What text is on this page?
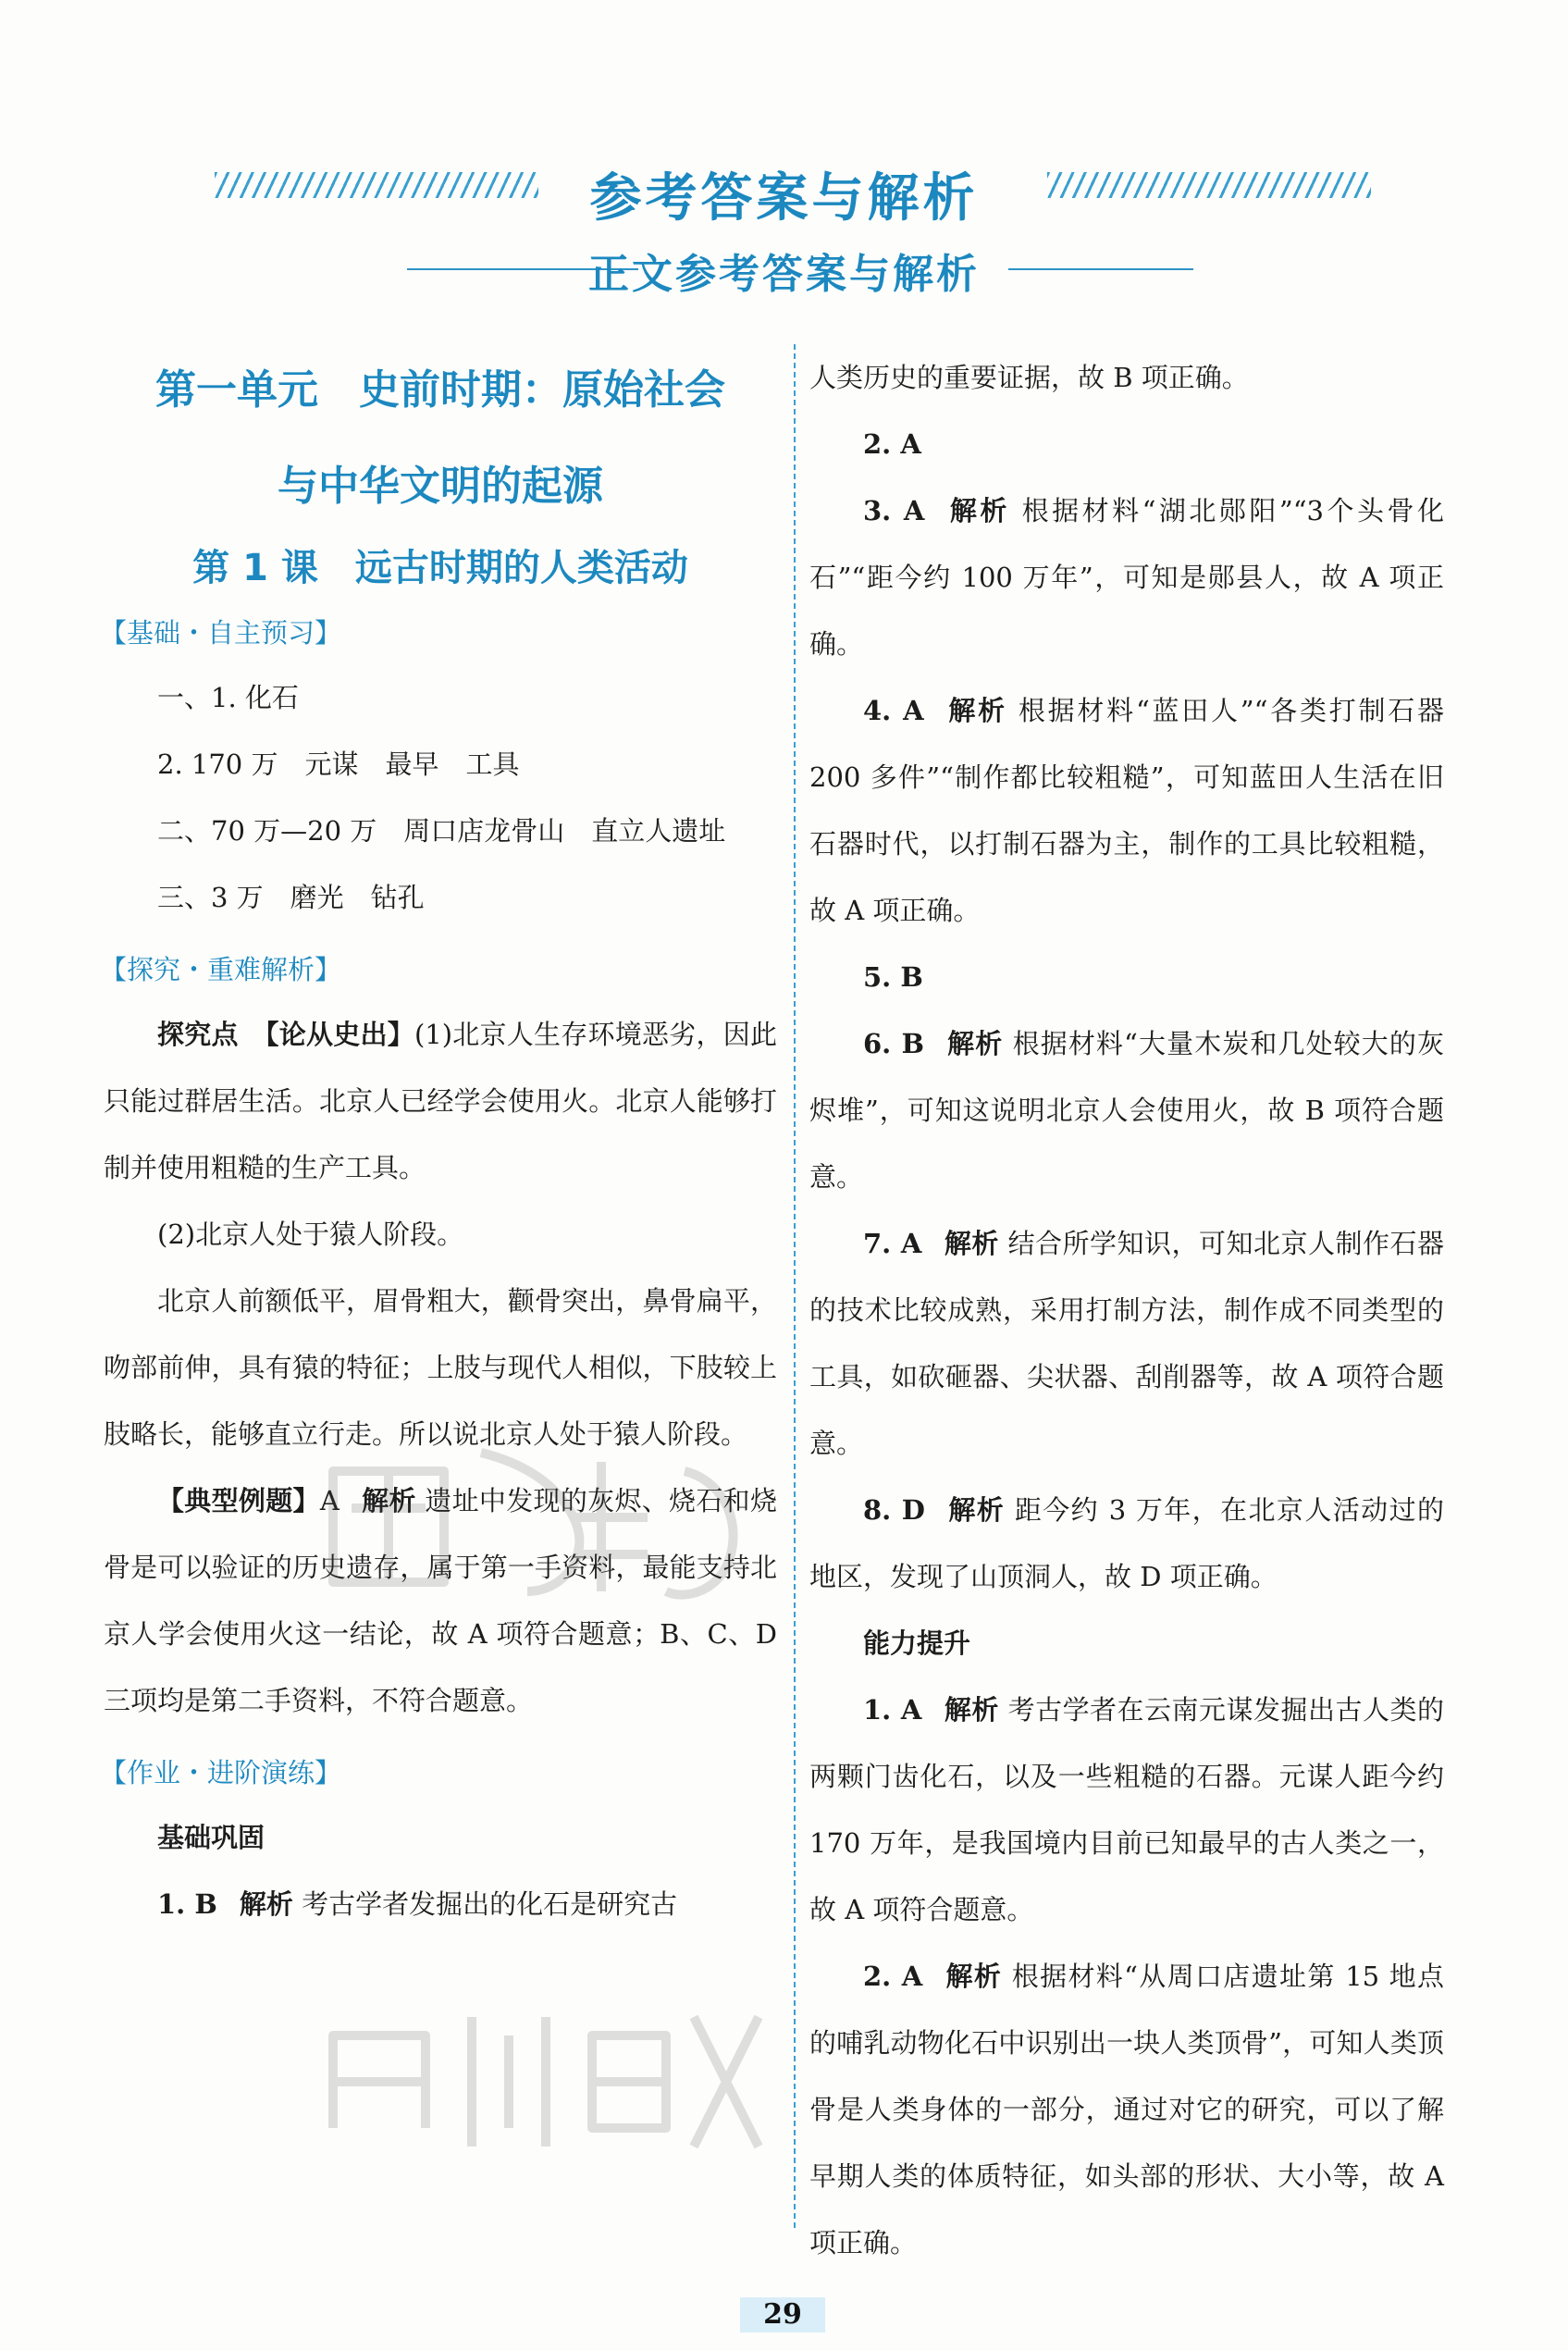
参考答案与解析
正文参考答案与解析
第一单元　史前时期：原始社会
与中华文明的起源
第 1 课　远古时期的人类活动
【基础・自主预习】

一、1. 化石

2. 170 万　元谋　最早　工具

二、70 万—20 万　周口店龙骨山　直立人遗址

三、3 万　磨光　钻孔

【探究・重难解析】

探究点　【论从史出】(1)北京人生存环境恶劣，因此只能过群居生活。北京人已经学会使用火。北京人能够打制并使用粗糙的生产工具。

(2)北京人处于猿人阶段。

北京人前额低平，眉骨粗大，颧骨突出，鼻骨扁平，吻部前伸，具有猿的特征；上肢与现代人相似，下肢较上肢略长，能够直立行走。所以说北京人处于猿人阶段。

【典型例题】A 解析 遗址中发现的灰烬、烧石和烧骨是可以验证的历史遗存，属于第一手资料，最能支持北京人学会使用火这一结论，故 A 项符合题意；B、C、D 三项均是第二手资料，不符合题意。

【作业・进阶演练】

基础巩固

1. B 解析 考古学者发掘出的化石是研究古

人类历史的重要证据，故 B 项正确。

2. A

3. A 解析 根据材料“湖北郧阳”“3个头骨化石”“距今约 100 万年”，可知是郧县人，故 A 项正确。

4. A 解析 根据材料“蓝田人”“各类打制石器 200 多件”“制作都比较粗糙”，可知蓝田人生活在旧石器时代，以打制石器为主，制作的工具比较粗糙，故 A 项正确。

5. B

6. B 解析 根据材料“大量木炭和几处较大的灰烬堆”，可知这说明北京人会使用火，故 B 项符合题意。

7. A 解析 结合所学知识，可知北京人制作石器的技术比较成熟，采用打制方法，制作成不同类型的工具，如砍砸器、尖状器、刮削器等，故 A 项符合题意。

8. D 解析 距今约 3 万年，在北京人活动过的地区，发现了山顶洞人，故 D 项正确。

能力提升

1. A 解析 考古学者在云南元谋发掘出古人类的两颗门齿化石，以及一些粗糙的石器。元谋人距今约 170 万年，是我国境内目前已知最早的古人类之一，故 A 项符合题意。

2. A 解析 根据材料“从周口店遗址第 15 地点的哺乳动物化石中识别出一块人类顶骨”，可知人类顶骨是人类身体的一部分，通过对它的研究，可以了解早期人类的体质特征，如头部的形状、大小等，故 A 项正确。

29
